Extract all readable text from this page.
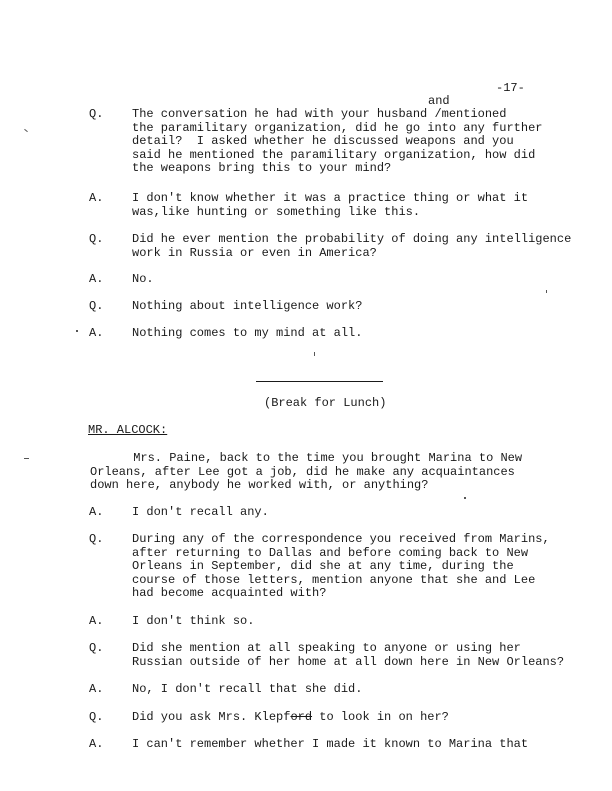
-17-
and
Q. The conversation he had with your husband /mentioned
the paramilitary organization, did he go into any further
detail?  I asked whether he discussed weapons and you
said he mentioned the paramilitary organization, how did
the weapons bring this to your mind?
A. I don't know whether it was a practice thing or what it
was,like hunting or something like this.
Q. Did he ever mention the probability of doing any intelligence
work in Russia or even in America?
A. No.
Q. Nothing about intelligence work?
A. Nothing comes to my mind at all.
(Break for Lunch)
MR. ALCOCK:
Mrs. Paine, back to the time you brought Marina to New
Orleans, after Lee got a job, did he make any acquaintances
down here, anybody he worked with, or anything?
A. I don't recall any.
Q. During any of the correspondence you received from Marins,
after returning to Dallas and before coming back to New
Orleans in September, did she at any time, during the
course of those letters, mention anyone that she and Lee
had become acquainted with?
A. I don't think so.
Q. Did she mention at all speaking to anyone or using her
Russian outside of her home at all down here in New Orleans?
A. No, I don't recall that she did.
Q. Did you ask Mrs. Klepford to look in on her?
A. I can't remember whether I made it known to Marina that
